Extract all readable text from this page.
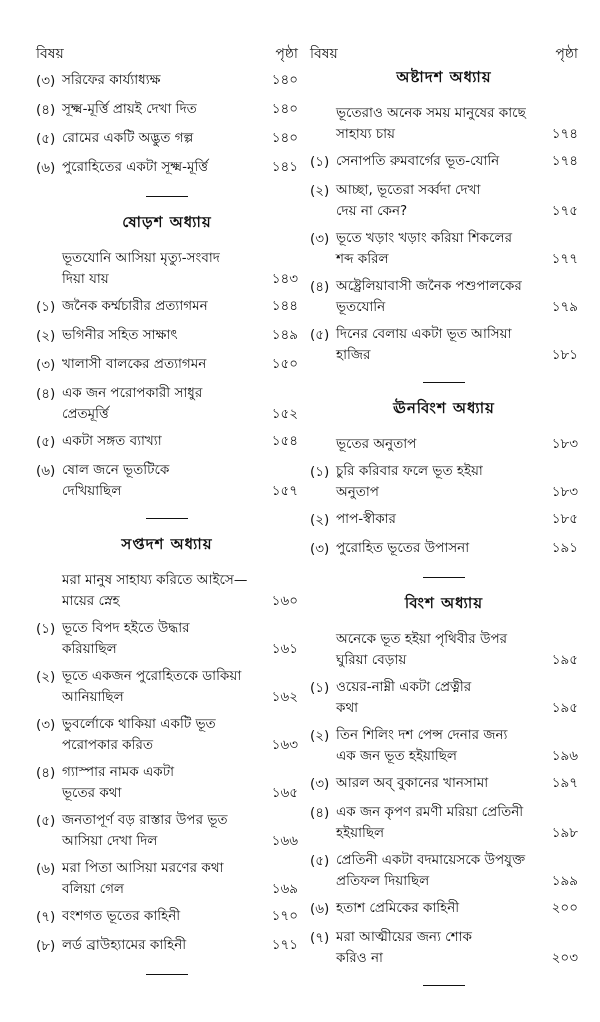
বিষয়	পৃষ্ঠা
(৩) সরিফের কার্য্যাধ্যক্ষ	১৪০
(৪) সূক্ষ্ম-মূর্ত্তি প্রায়ই দেখা দিত	১৪০
(৫) রোমের একটি অদ্ভুত গল্প	১৪০
(৬) পুরোহিতের একটা সূক্ষ্ম-মূর্ত্তি	১৪১
ষোড়শ অধ্যায়
ভূতযোনি আসিয়া মৃত্যু-সংবাদ
দিয়া যায়	১৪৩
(১) জনৈক কর্ম্মচারীর প্রত্যাগমন	১৪৪
(২) ভগিনীর সহিত সাক্ষাৎ	১৪৯
(৩) খালাসী বালকের প্রত্যাগমন	১৫০
(৪) এক জন পরোপকারী সাধুর
প্রেতমূর্ত্তি	১৫২
(৫) একটা সঙ্গত ব্যাখ্যা	১৫৪
(৬) ষোল জনে ভূতটিকে
দেখিয়াছিল	১৫৭
সপ্তদশ অধ্যায়
মরা মানুষ সাহায্য করিতে আইসে—
মায়ের স্নেহ	১৬০
(১) ভূতে বিপদ হইতে উদ্ধার
করিয়াছিল	১৬১
(২) ভূতে একজন পুরোহিতকে ডাকিয়া
আনিয়াছিল	১৬২
(৩) ভুবর্লোকে থাকিয়া একটি ভূত
পরোপকার করিত	১৬৩
(৪) গ্যাস্পার নামক একটা
ভূতের কথা	১৬৫
(৫) জনতাপূর্ণ বড় রাস্তার উপর ভূত
আসিয়া দেখা দিল	১৬৬
(৬) মরা পিতা আসিয়া মরণের কথা
বলিয়া গেল	১৬৯
(৭) বংশগত ভূতের কাহিনী	১৭০
(৮) লর্ড ব্রাউহ্যামের কাহিনী	১৭১
বিষয়	পৃষ্ঠা
অষ্টাদশ অধ্যায়
ভূতেরাও অনেক সময় মানুষের কাছে
সাহায্য চায়	১৭৪
(১) সেনাপতি রুমবার্গের ভূত-যোনি	১৭৪
(২) আচ্ছা, ভূতেরা সর্ব্বদা দেখা
দেয় না কেন?	১৭৫
(৩) ভূতে খড়াং খড়াং করিয়া শিকলের
শব্দ করিল	১৭৭
(৪) অষ্ট্রেলিয়াবাসী জনৈক পশুপালকের
ভূতযোনি	১৭৯
(৫) দিনের বেলায় একটা ভূত আসিয়া
হাজির	১৮১
ঊনবিংশ অধ্যায়
ভূতের অনুতাপ	১৮৩
(১) চুরি করিবার ফলে ভূত হইয়া
অনুতাপ	১৮৩
(২) পাপ-স্বীকার	১৮৫
(৩) পুরোহিত ভূতের উপাসনা	১৯১
বিংশ অধ্যায়
অনেকে ভূত হইয়া পৃথিবীর উপর
ঘুরিয়া বেড়ায়	১৯৫
(১) ওয়ের-নাম্নী একটা প্রেত্নীর
কথা	১৯৫
(২) তিন শিলিং দশ পেন্স দেনার জন্য
এক জন ভূত হইয়াছিল	১৯৬
(৩) আরল অব্ বুকানের খানসামা	১৯৭
(৪) এক জন কৃপণ রমণী মরিয়া প্রেতিনী
হইয়াছিল	১৯৮
(৫) প্রেতিনী একটা বদমায়েসকে উপযুক্ত
প্রতিফল দিয়াছিল	১৯৯
(৬) হতাশ প্রেমিকের কাহিনী	২০০
(৭) মরা আত্মীয়ের জন্য শোক
করিও না	২০৩
